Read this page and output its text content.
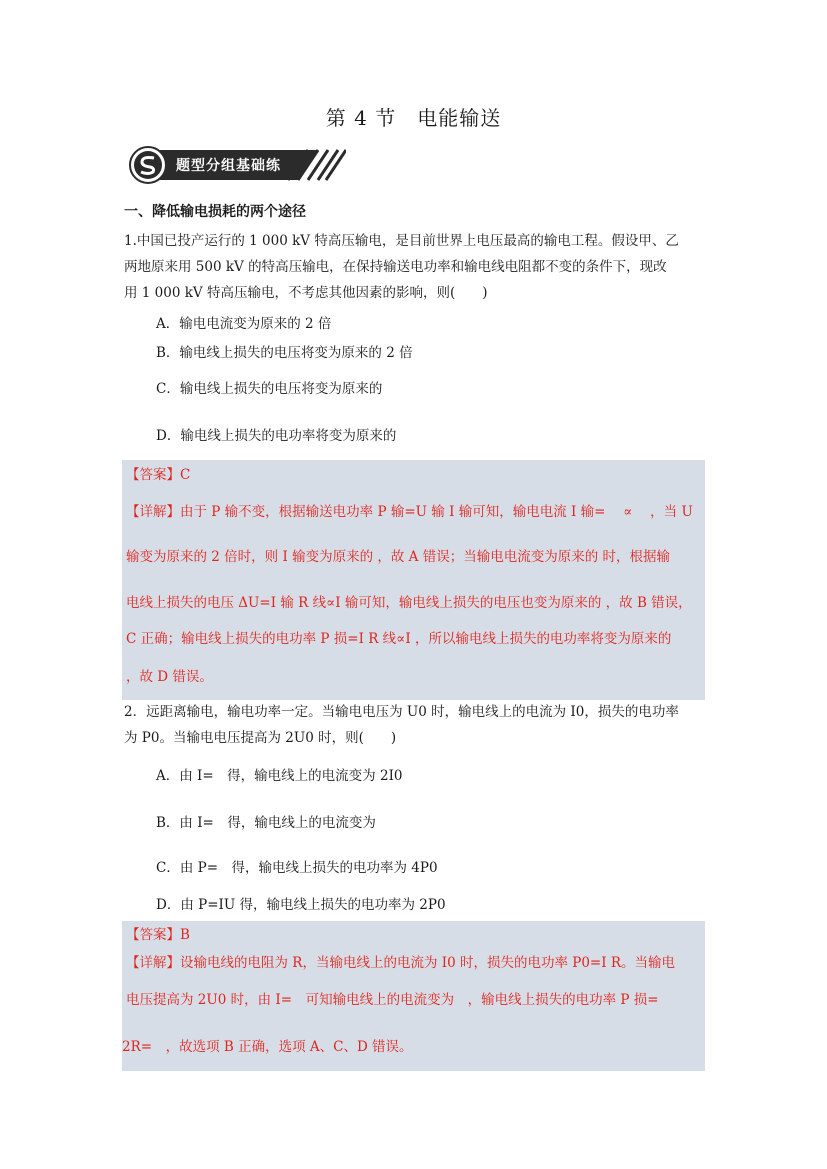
第 4 节　电能输送
题型分组基础练
一、降低输电损耗的两个途径
1.中国已投产运行的 1 000 kV 特高压输电，是目前世界上电压最高的输电工程。假设甲、乙
两地原来用 500 kV 的特高压输电，在保持输送电功率和输电线电阻都不变的条件下，现改
用 1 000 kV 特高压输电，不考虑其他因素的影响，则(　　)
A．输电电流变为原来的 2 倍
B．输电线上损失的电压将变为原来的 2 倍
C．输电线上损失的电压将变为原来的
D．输电线上损失的电功率将变为原来的
【答案】C
【详解】由于 P 输不变，根据输送电功率 P 输=U 输 I 输可知，输电电流 I 输=　 ∝ 　，当 U
输变为原来的 2 倍时，则 I 输变为原来的 ，故 A 错误；当输电电流变为原来的 时，根据输
电线上损失的电压 ΔU=I 输 R 线∝I 输可知，输电线上损失的电压也变为原来的 ，故 B 错误，
C 正确；输电线上损失的电功率 P 损=I R 线∝I ，所以输电线上损失的电功率将变为原来的
，故 D 错误。
2．远距离输电，输电功率一定。当输电电压为 U0 时，输电线上的电流为 I0，损失的电功率
为 P0。当输电电压提高为 2U0 时，则(　　)
A．由 I=　得，输电线上的电流变为 2I0
B．由 I=　得，输电线上的电流变为
C．由 P=　得，输电线上损失的电功率为 4P0
D．由 P=IU 得，输电线上损失的电功率为 2P0
【答案】B
【详解】设输电线的电阻为 R，当输电线上的电流为 I0 时，损失的电功率 P0=I R。当输电
电压提高为 2U0 时，由 I=　可知输电线上的电流变为　，输电线上损失的电功率 P 损=
2R=　，故选项 B 正确，选项 A、C、D 错误。
